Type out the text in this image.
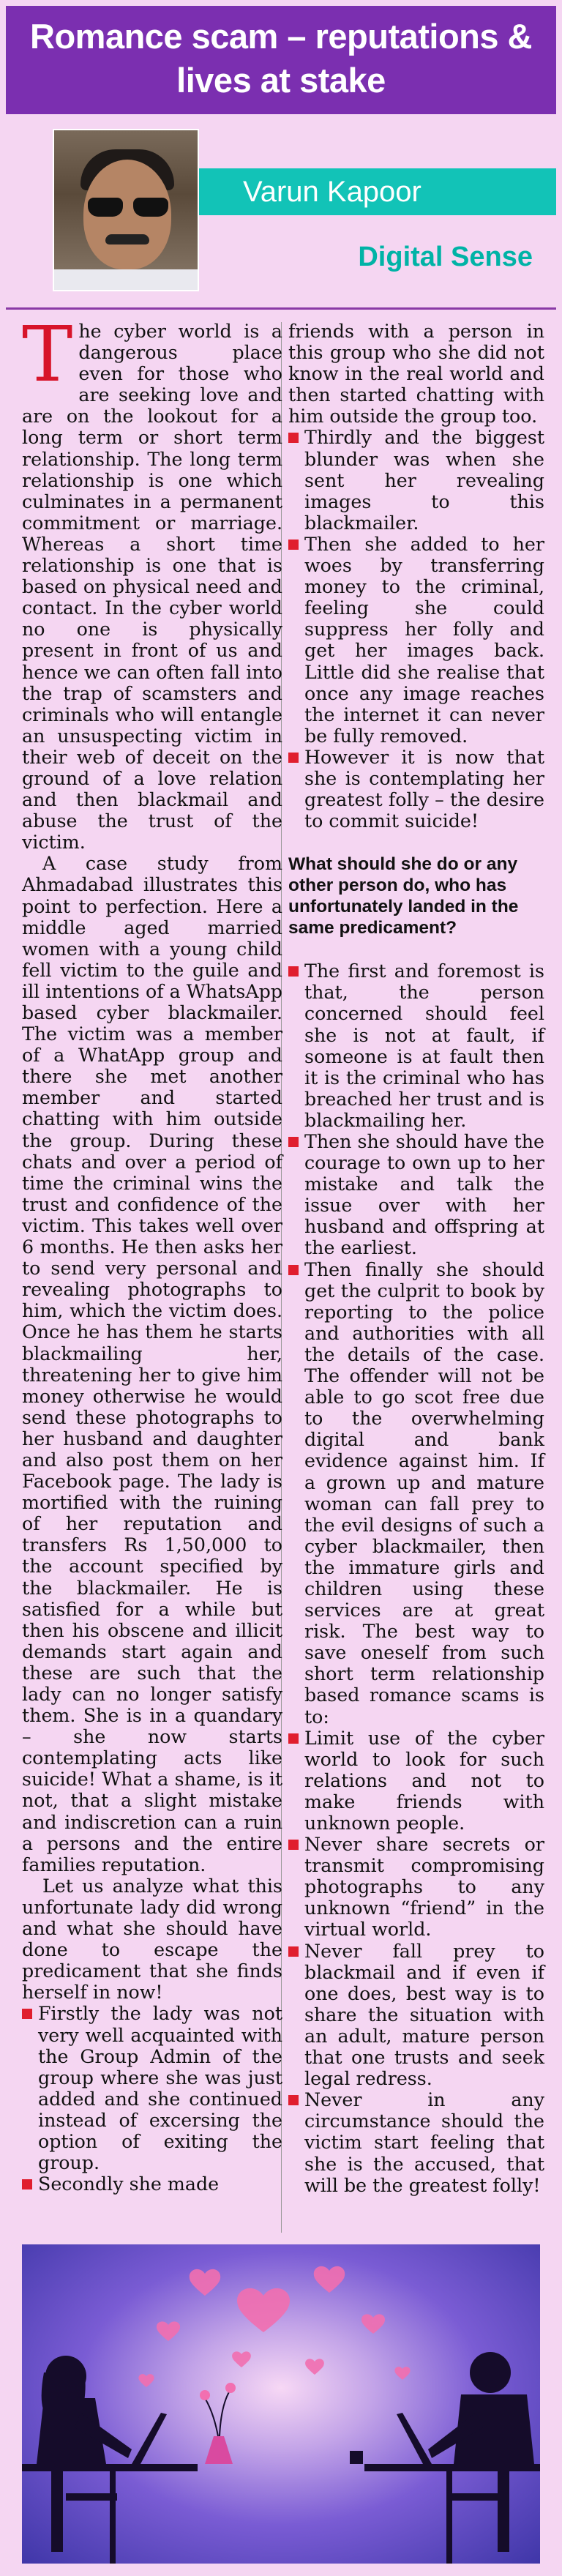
Romance scam – reputations &
lives at stake
Varun Kapoor
Digital Sense

The cyber world is a dangerous place even for those who are seeking love and are on the lookout for a long term or short term relationship. The long term relationship is one which culminates in a permanent commitment or marriage. Whereas a short time relationship is one that is based on physical need and contact. In the cyber world no one is physically present in front of us and hence we can often fall into the trap of scamsters and criminals who will entangle an unsuspecting victim in their web of deceit on the ground of a love relation and then blackmail and abuse the trust of the victim.

A case study from Ahmadabad illustrates this point to perfection. Here a middle aged married women with a young child fell victim to the guile and ill intentions of a WhatsApp based cyber blackmailer. The victim was a member of a WhatApp group and there she met another member and started chatting with him outside the group. During these chats and over a period of time the criminal wins the trust and confidence of the victim. This takes well over 6 months. He then asks her to send very personal and revealing photographs to him, which the victim does. Once he has them he starts blackmailing her, threatening her to give him money otherwise he would send these photographs to her husband and daughter and also post them on her Facebook page. The lady is mortified with the ruining of her reputation and transfers Rs 1,50,000 to the account specified by the blackmailer. He is satisfied for a while but then his obscene and illicit demands start again and these are such that the lady can no longer satisfy them. She is in a quandary – she now starts contemplating acts like suicide! What a shame, is it not, that a slight mistake and indiscretion can a ruin a persons and the entire families reputation.

Let us analyze what this unfortunate lady did wrong and what she should have done to escape the predicament that she finds herself in now!

Firstly the lady was not very well acquainted with the Group Admin of the group where she was just added and she continued instead of excersing the option of exiting the group.
Secondly she made

friends with a person in this group who she did not know in the real world and then started chatting with him outside the group too.

Thirdly and the biggest blunder was when she sent her revealing images to this blackmailer.
Then she added to her woes by transferring money to the criminal, feeling she could suppress her folly and get her images back. Little did she realise that once any image reaches the internet it can never be fully removed.
However it is now that she is contemplating her greatest folly – the desire to commit suicide!
What should she do or any other person do, who has unfortunately landed in the same predicament?
The first and foremost is that, the person concerned should feel she is not at fault, if someone is at fault then it is the criminal who has breached her trust and is blackmailing her.
Then she should have the courage to own up to her mistake and talk the issue over with her husband and offspring at the earliest.
Then finally she should get the culprit to book by reporting to the police and authorities with all the details of the case. The offender will not be able to go scot free due to the overwhelming digital and bank evidence against him. If a grown up and mature woman can fall prey to the evil designs of such a cyber blackmailer, then the immature girls and children using these services are at great risk. The best way to save oneself from such short term relationship based romance scams is to:
Limit use of the cyber world to look for such relations and not to make friends with unknown people.
Never share secrets or transmit compromising photographs to any unknown “friend” in the virtual world.
Never fall prey to blackmail and if even if one does, best way is to share the situation with an adult, mature person that one trusts and seek legal redress.
Never in any circumstance should the victim start feeling that she is the accused, that will be the greatest folly!
